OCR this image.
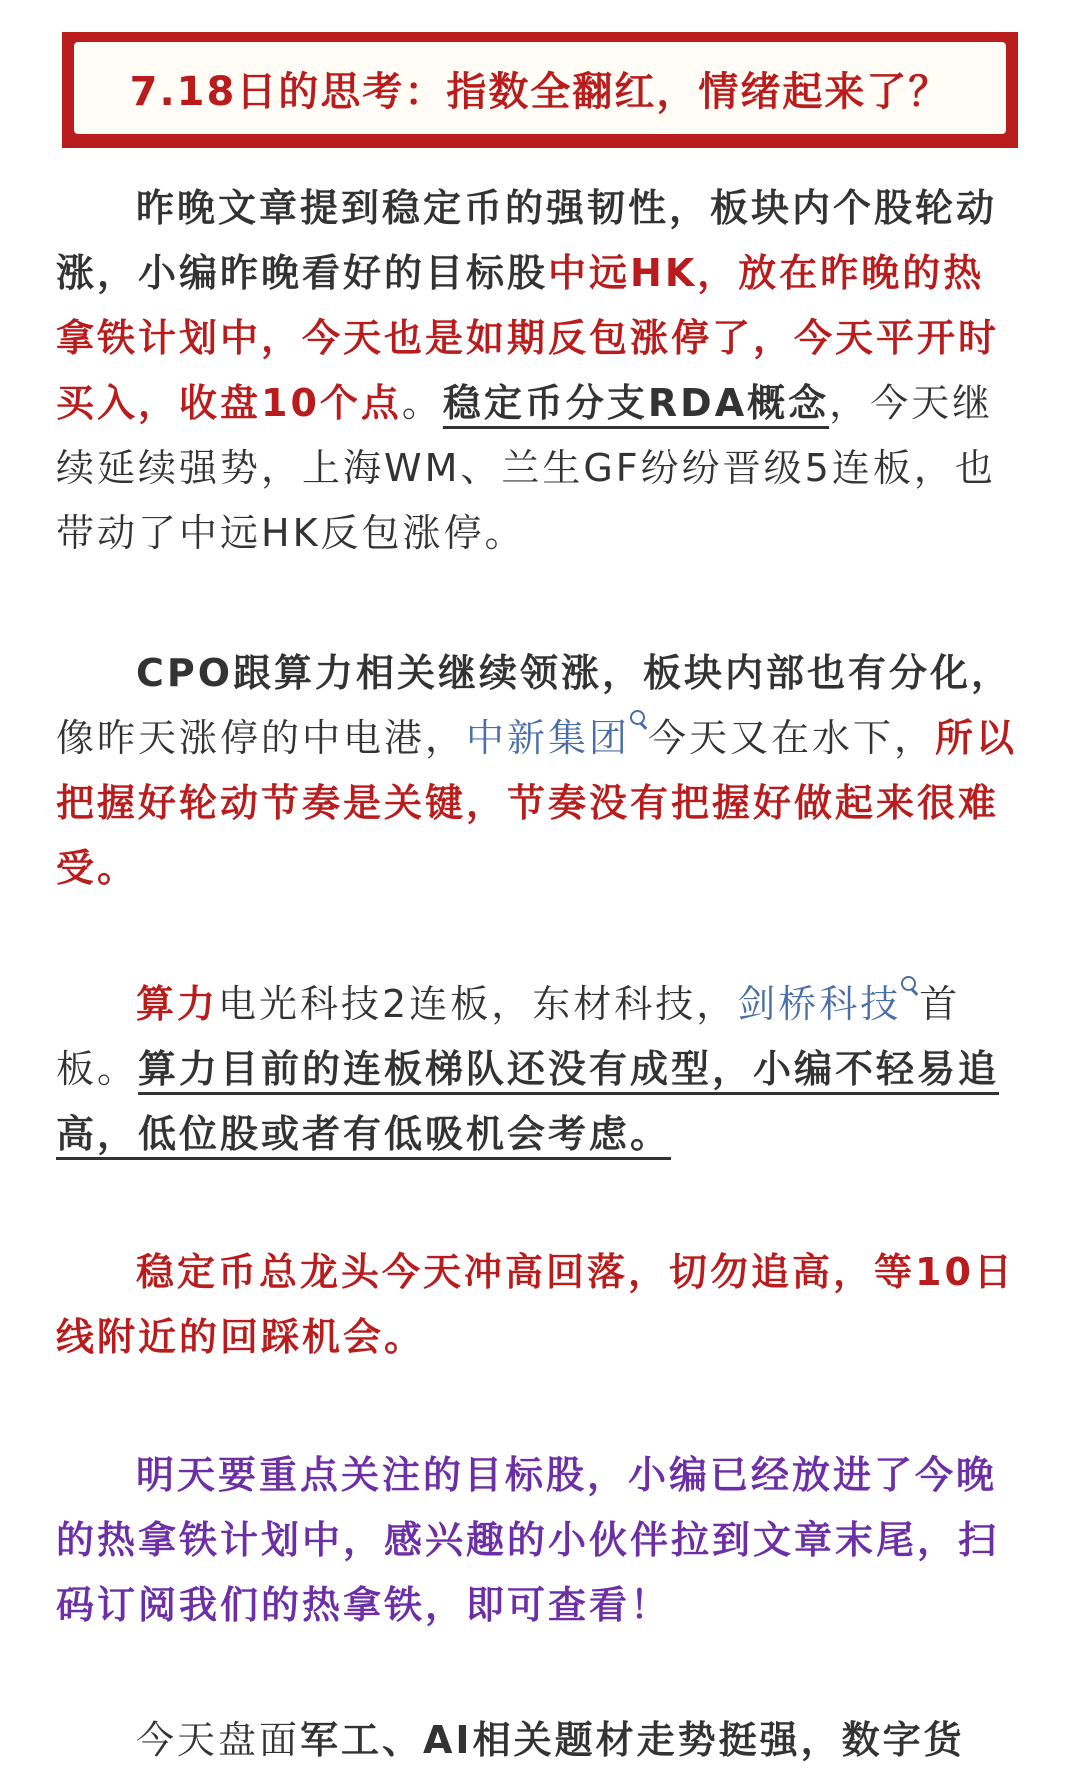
7.18日的思考：指数全翻红，情绪起来了？

昨晚文章提到稳定币的强韧性，板块内个股轮动涨，小编昨晚看好的目标股中远HK，放在昨晚的热拿铁计划中，今天也是如期反包涨停了，今天平开时买入，收盘10个点。稳定币分支RDA概念，今天继续延续强势，上海WM、兰生GF纷纷晋级5连板，也带动了中远HK反包涨停。

CPO跟算力相关继续领涨，板块内部也有分化，像昨天涨停的中电港，中新集团 今天又在水下，所以把握好轮动节奏是关键，节奏没有把握好做起来很难受。

算力电光科技2连板，东材科技，剑桥科技 首板。算力目前的连板梯队还没有成型，小编不轻易追高，低位股或者有低吸机会考虑。

稳定币总龙头今天冲高回落，切勿追高，等10日线附近的回踩机会。

明天要重点关注的目标股，小编已经放进了今晚的热拿铁计划中，感兴趣的小伙伴拉到文章末尾，扫码订阅我们的热拿铁，即可查看！

今天盘面军工、AI相关题材走势挺强，数字货
